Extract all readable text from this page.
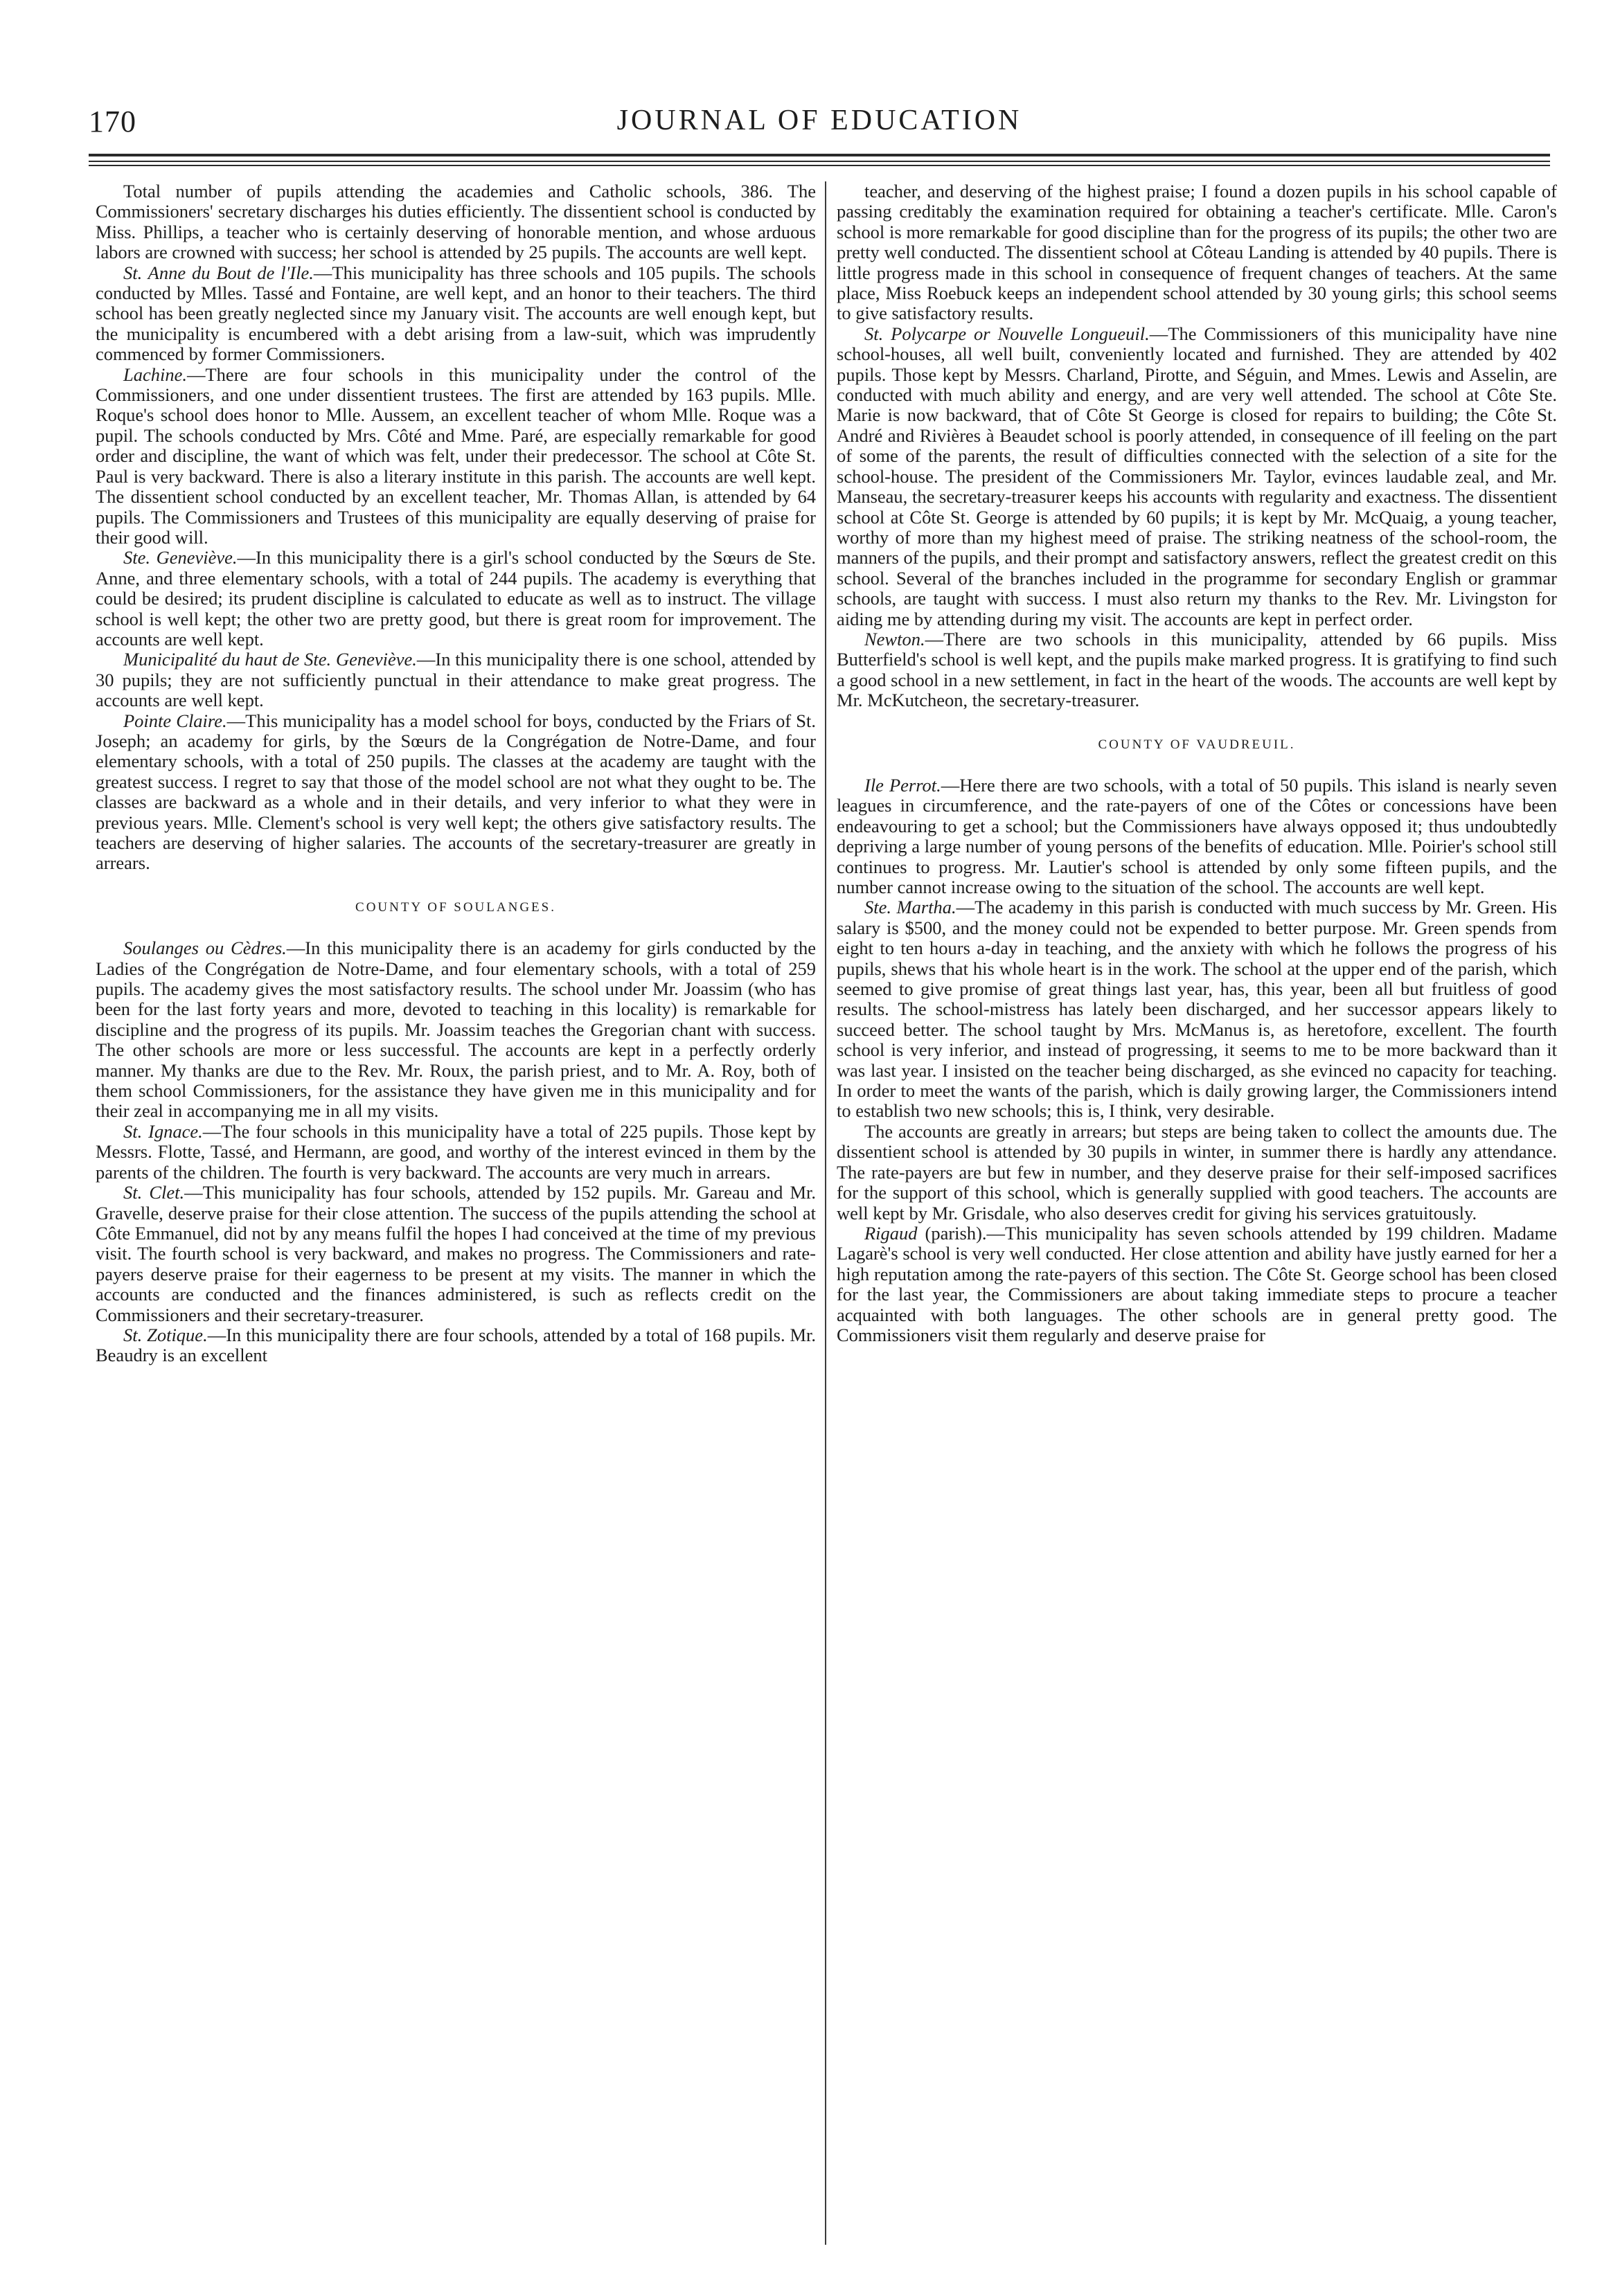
170	JOURNAL OF EDUCATION

Total number of pupils attending the academies and Catholic schools, 386. The Commissioners' secretary discharges his duties efficiently. The dissentient school is conducted by Miss. Phillips, a teacher who is certainly deserving of honorable mention, and whose arduous labors are crowned with success; her school is attended by 25 pupils. The accounts are well kept.

St. Anne du Bout de l'Ile.—This municipality has three schools and 105 pupils. The schools conducted by Mlles. Tassé and Fontaine, are well kept, and an honor to their teachers. The third school has been greatly neglected since my January visit. The accounts are well enough kept, but the municipality is encumbered with a debt arising from a law-suit, which was imprudently commenced by former Commissioners.

Lachine.—There are four schools in this municipality under the control of the Commissioners, and one under dissentient trustees. The first are attended by 163 pupils. Mlle. Roque's school does honor to Mlle. Aussem, an excellent teacher of whom Mlle. Roque was a pupil. The schools conducted by Mrs. Côté and Mme. Paré, are especially remarkable for good order and discipline, the want of which was felt, under their predecessor. The school at Côte St. Paul is very backward. There is also a literary institute in this parish. The accounts are well kept. The dissentient school conducted by an excellent teacher, Mr. Thomas Allan, is attended by 64 pupils. The Commissioners and Trustees of this municipality are equally deserving of praise for their good will.

Ste. Geneviève.—In this municipality there is a girl's school conducted by the Sœurs de Ste. Anne, and three elementary schools, with a total of 244 pupils. The academy is everything that could be desired; its prudent discipline is calculated to educate as well as to instruct. The village school is well kept; the other two are pretty good, but there is great room for improvement. The accounts are well kept.

Municipalité du haut de Ste. Geneviève.—In this municipality there is one school, attended by 30 pupils; they are not sufficiently punctual in their attendance to make great progress. The accounts are well kept.

Pointe Claire.—This municipality has a model school for boys, conducted by the Friars of St. Joseph; an academy for girls, by the Sœurs de la Congrégation de Notre-Dame, and four elementary schools, with a total of 250 pupils. The classes at the academy are taught with the greatest success. I regret to say that those of the model school are not what they ought to be. The classes are backward as a whole and in their details, and very inferior to what they were in previous years. Mlle. Clement's school is very well kept; the others give satisfactory results. The teachers are deserving of higher salaries. The accounts of the secretary-treasurer are greatly in arrears.

COUNTY OF SOULANGES.

Soulanges ou Cèdres.—In this municipality there is an academy for girls conducted by the Ladies of the Congrégation de Notre-Dame, and four elementary schools, with a total of 259 pupils. The academy gives the most satisfactory results. The school under Mr. Joassim (who has been for the last forty years and more, devoted to teaching in this locality) is remarkable for discipline and the progress of its pupils. Mr. Joassim teaches the Gregorian chant with success. The other schools are more or less successful. The accounts are kept in a perfectly orderly manner. My thanks are due to the Rev. Mr. Roux, the parish priest, and to Mr. A. Roy, both of them school Commissioners, for the assistance they have given me in this municipality and for their zeal in accompanying me in all my visits.

St. Ignace.—The four schools in this municipality have a total of 225 pupils. Those kept by Messrs. Flotte, Tassé, and Hermann, are good, and worthy of the interest evinced in them by the parents of the children. The fourth is very backward. The accounts are very much in arrears.

St. Clet.—This municipality has four schools, attended by 152 pupils. Mr. Gareau and Mr. Gravelle, deserve praise for their close attention. The success of the pupils attending the school at Côte Emmanuel, did not by any means fulfil the hopes I had conceived at the time of my previous visit. The fourth school is very backward, and makes no progress. The Commissioners and rate-payers deserve praise for their eagerness to be present at my visits. The manner in which the accounts are conducted and the finances administered, is such as reflects credit on the Commissioners and their secretary-treasurer.

St. Zotique.—In this municipality there are four schools, attended by a total of 168 pupils. Mr. Beaudry is an excellent

teacher, and deserving of the highest praise; I found a dozen pupils in his school capable of passing creditably the examination required for obtaining a teacher's certificate. Mlle. Caron's school is more remarkable for good discipline than for the progress of its pupils; the other two are pretty well conducted. The dissentient school at Côteau Landing is attended by 40 pupils. There is little progress made in this school in consequence of frequent changes of teachers. At the same place, Miss Roebuck keeps an independent school attended by 30 young girls; this school seems to give satisfactory results.

St. Polycarpe or Nouvelle Longueuil.—The Commissioners of this municipality have nine school-houses, all well built, conveniently located and furnished. They are attended by 402 pupils. Those kept by Messrs. Charland, Pirotte, and Séguin, and Mmes. Lewis and Asselin, are conducted with much ability and energy, and are very well attended. The school at Côte Ste. Marie is now backward, that of Côte St George is closed for repairs to building; the Côte St. André and Rivières à Beaudet school is poorly attended, in consequence of ill feeling on the part of some of the parents, the result of difficulties connected with the selection of a site for the school-house. The president of the Commissioners Mr. Taylor, evinces laudable zeal, and Mr. Manseau, the secretary-treasurer keeps his accounts with regularity and exactness. The dissentient school at Côte St. George is attended by 60 pupils; it is kept by Mr. McQuaig, a young teacher, worthy of more than my highest meed of praise. The striking neatness of the school-room, the manners of the pupils, and their prompt and satisfactory answers, reflect the greatest credit on this school. Several of the branches included in the programme for secondary English or grammar schools, are taught with success. I must also return my thanks to the Rev. Mr. Livingston for aiding me by attending during my visit. The accounts are kept in perfect order.

Newton.—There are two schools in this municipality, attended by 66 pupils. Miss Butterfield's school is well kept, and the pupils make marked progress. It is gratifying to find such a good school in a new settlement, in fact in the heart of the woods. The accounts are well kept by Mr. McKutcheon, the secretary-treasurer.

COUNTY OF VAUDREUIL.

Ile Perrot.—Here there are two schools, with a total of 50 pupils. This island is nearly seven leagues in circumference, and the rate-payers of one of the Côtes or concessions have been endeavouring to get a school; but the Commissioners have always opposed it; thus undoubtedly depriving a large number of young persons of the benefits of education. Mlle. Poirier's school still continues to progress. Mr. Lautier's school is attended by only some fifteen pupils, and the number cannot increase owing to the situation of the school. The accounts are well kept.

Ste. Martha.—The academy in this parish is conducted with much success by Mr. Green. His salary is $500, and the money could not be expended to better purpose. Mr. Green spends from eight to ten hours a-day in teaching, and the anxiety with which he follows the progress of his pupils, shews that his whole heart is in the work. The school at the upper end of the parish, which seemed to give promise of great things last year, has, this year, been all but fruitless of good results. The school-mistress has lately been discharged, and her successor appears likely to succeed better. The school taught by Mrs. McManus is, as heretofore, excellent. The fourth school is very inferior, and instead of progressing, it seems to me to be more backward than it was last year. I insisted on the teacher being discharged, as she evinced no capacity for teaching. In order to meet the wants of the parish, which is daily growing larger, the Commissioners intend to establish two new schools; this is, I think, very desirable.

The accounts are greatly in arrears; but steps are being taken to collect the amounts due. The dissentient school is attended by 30 pupils in winter, in summer there is hardly any attendance. The rate-payers are but few in number, and they deserve praise for their self-imposed sacrifices for the support of this school, which is generally supplied with good teachers. The accounts are well kept by Mr. Grisdale, who also deserves credit for giving his services gratuitously.

Rigaud (parish).—This municipality has seven schools attended by 199 children. Madame Lagarè's school is very well conducted. Her close attention and ability have justly earned for her a high reputation among the rate-payers of this section. The Côte St. George school has been closed for the last year, the Commissioners are about taking immediate steps to procure a teacher acquainted with both languages. The other schools are in general pretty good. The Commissioners visit them regularly and deserve praise for
